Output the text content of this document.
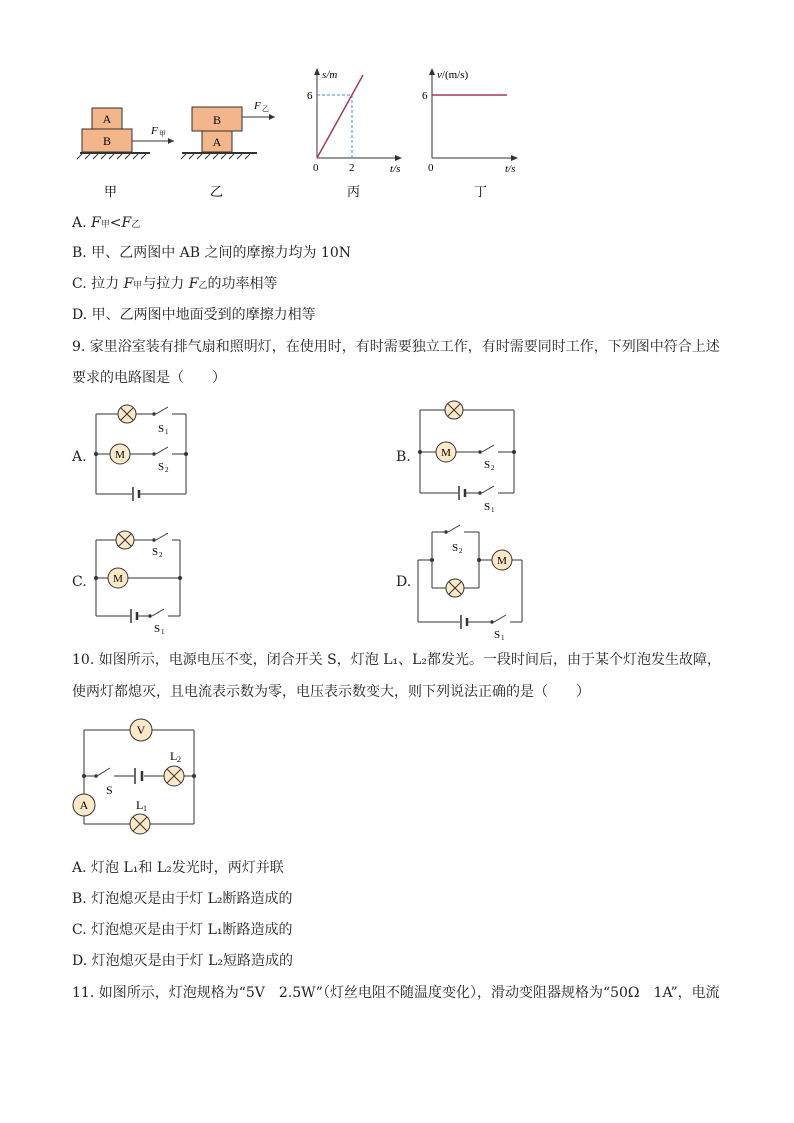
A
B
F 甲
A
B
F 乙
s/m
t/s
0
6
2
v/(m/s)
t/s
0
6
甲	乙	丙	丁
A. F甲<F乙
B. 甲、乙两图中 AB 之间的摩擦力均为 10N
C. 拉力 F甲与拉力 F乙的功率相等
D. 甲、乙两图中地面受到的摩擦力相等
9. 家里浴室装有排气扇和照明灯，在使用时，有时需要独立工作，有时需要同时工作，下列图中符合上述
要求的电路图是（　　）
A.	M
S 1
S 2
B.	M
S 2
S 1
C. M
S 2
S 1
D.
M
S 2
S 1
10. 如图所示，电源电压不变，闭合开关 S，灯泡 L₁、L₂都发光。一段时间后，由于某个灯泡发生故障，
使两灯都熄灭，且电流表示数为零，电压表示数变大，则下列说法正确的是（　　）
V
A
S
L 2
L 1
A. 灯泡 L₁和 L₂发光时，两灯并联
B. 灯泡熄灭是由于灯 L₂断路造成的
C. 灯泡熄灭是由于灯 L₁断路造成的
D. 灯泡熄灭是由于灯 L₂短路造成的
11. 如图所示，灯泡规格为“5V　2.5W”（灯丝电阻不随温度变化），滑动变阻器规格为“50Ω　1A”，电流
